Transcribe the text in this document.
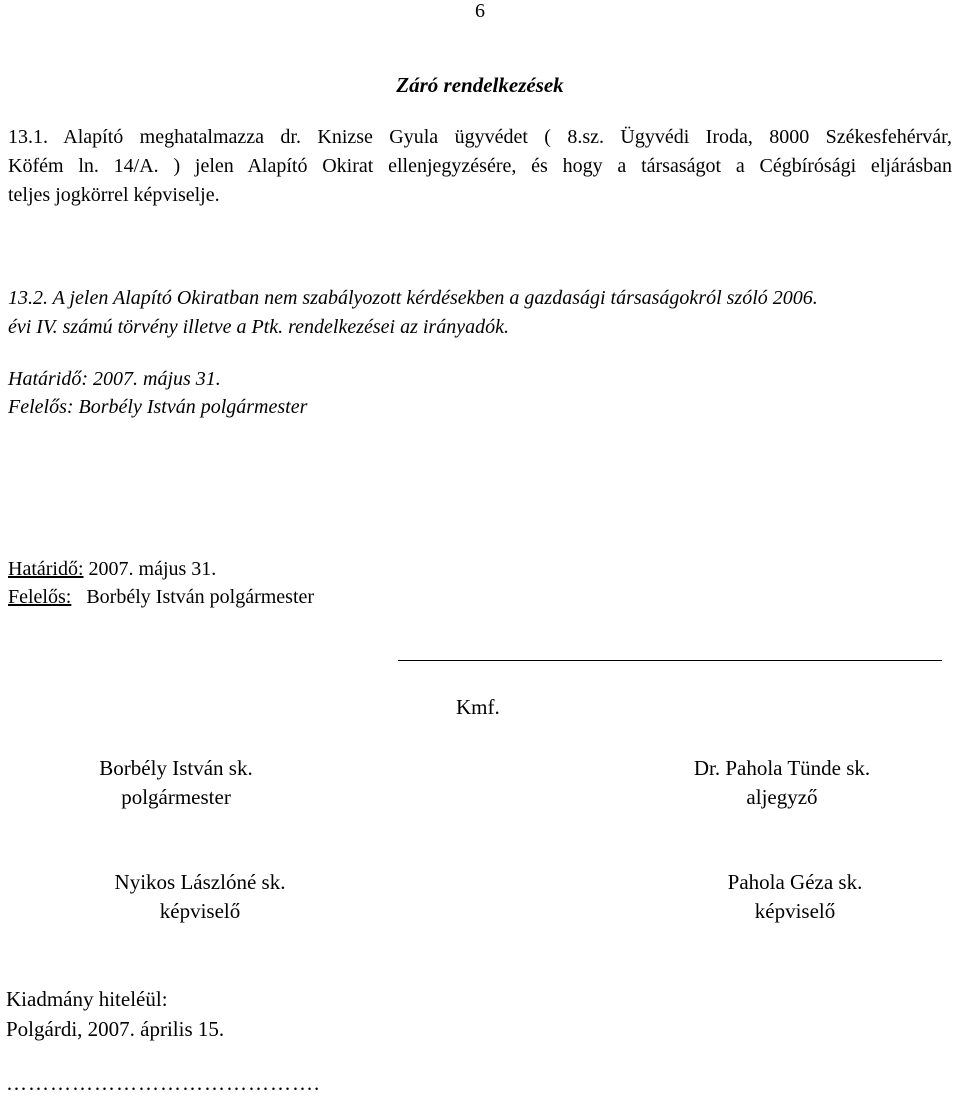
6
Záró rendelkezések
13.1. Alapító meghatalmazza dr. Knizse Gyula ügyvédet ( 8.sz. Ügyvédi Iroda, 8000 Székesfehérvár,
Köfém ln. 14/A. ) jelen Alapító Okirat ellenjegyzésére, és hogy a társaságot a Cégbírósági eljárásban
teljes jogkörrel képviselje.
13.2. A jelen Alapító Okiratban nem szabályozott kérdésekben a gazdasági társaságokról szóló 2006.
évi IV. számú törvény illetve a Ptk. rendelkezései az irányadók.
Határidő: 2007. május 31.
Felelős: Borbély István polgármester
Határidő: 2007. május 31.
Felelős:   Borbély István polgármester
Kmf.
Borbély István sk.
polgármester
Dr. Pahola Tünde sk.
aljegyző
Nyikos Lászlóné sk.
képviselő
Pahola Géza sk.
képviselő
Kiadmány hiteléül:
Polgárdi, 2007. április 15.
…………………………………….
